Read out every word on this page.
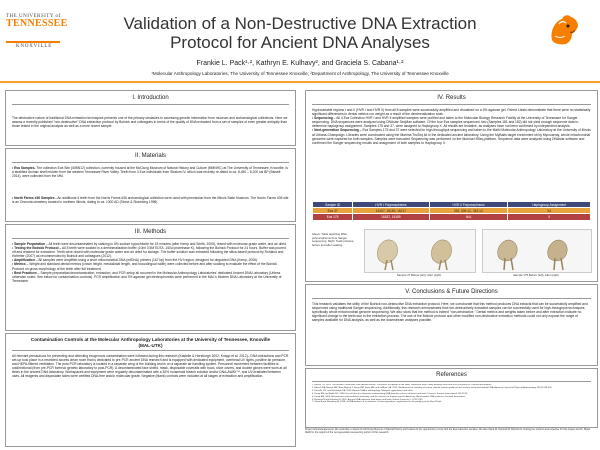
THE UNIVERSITY of
TENNESSEE
KNOXVILLE
Validation of a Non-Destructive DNA Extraction Protocol for Ancient DNA Analyses
Frankie L. Pack¹·², Kathryn E. Kulhavy², and Graciela S. Cabana¹·²
¹Molecular Anthropology Laboratories, The University of Tennessee Knoxville; ²Department of Anthropology, The University of Tennessee Knoxville
I. Introduction
The destructive nature of traditional DNA extraction techniques presents one of the primary obstacles to accessing genetic information from museum and archaeological collections. Here we assess a recently published "non-destructive" DNA extraction protocol by Bolnick and colleagues in terms of the quality of DNA extracted from a set of samples of even greater antiquity than those tested in the original analysis as well as a more recent sample.
II. Materials
• Eva Samples- The collection Eva Site (40BN12) collection, currently housed at the McClung Museum of Natural History and Culture (MMNHC) at The University of Tennessee, Knoxville, is a stratified Archaic shell midden from the western Tennessee River Valley. Teeth from 4 Eva individuals from Stratum IV, which was recently re-dated to ca. 8,450 – 8,200 cal BP (Bissett 2014), were collected from the MM.
• North Farms #36 Samples - An additional 4 teeth from the Norris Farms #36 archaeological collection were used with permission from the Illinois State Museum. The Norris Farms #36 site is an Oneonta cemetery located in northern Illinois, dating to ca. 1300 AD (Stone & Stoneking 1998).
III. Methods
• Sample Preparation – All teeth were decontaminated by soaking in 6% sodium hypochlorite for 15 minutes (after Kemp and Smith, 2005), rinsed with molecular grade water, and air dried.
• Testing the Bolnick Protocol – All 8 teeth were soaked in a demineralization buffer (10ml 0.5M EDTA, 150ul proteinase K), following the Bolnick Protocol for 24 hours. Buffer was poured off and retained for extraction. Teeth were rinsed with molecular grade water and air dried for storage. The buffer solution was extracted following the silica-based protocol by Rohland and Hofreiter (2007) as recommended by Bolnick and colleagues (2012).
• Amplification – All samples were amplified using a short mitochondrial DNA (mtDNA) primers (167 bp) from the HVI region, designed for degraded DNA (Kemp, 2006).
• Metrics – Weight and standard dental metrics (crown height, mesiodistal length, and buccolingual width) were collected before and after soaking to evaluate the effect of the Bolnick Protocol on gross morphology of the teeth after full treatment.
• Best Practices – Sample preparation/decontamination, extraction, and PCR setup all occurred in the Molecular Anthropology Laboratories' dedicated Ancient DNA Laboratory (Unless otherwise noted. See below for contamination controls). PCR amplification and 3% agarose gel electrophoresis were performed in the MAL's Modern DNA Laboratory at the University of Tennessee.
Contamination Controls at the Molecular Anthropology Laboratories at the University of Tennessee, Knoxville (MAL-UTK)
All relevant precautions for preventing and detecting exogenous contamination were followed during this research (Kastelle & Horsburgh 2002; Knapp et al. 2012)– DNA extractions and PCR set-up took place in a restricted access clean room that is dedicated to pre-PCR ancient DNA research and is equipped with dedicated equipment, overhead UV lights, positive air pressure, and HEPA-filtered ventilation. The post-PCR laboratory is located in a separate wing of the building and is on a separate air handling system. Personnel movement between facilities is unidirectional (from pre-PCR forensic genetic laboratory to post-PCR). A decontaminated face shield, mask, disposable coveralls with hood, shoe covers, and double gloves were worn at all times in the ancient DNA laboratory. Workspaces and equipment were regularly decontaminated with a 30% household bleach solution and/or DNA-AWAY™, and UV-irradiated between uses. All reagents and disposable sides were certified DNA-free and/or molecular grade. Negative (blank) controls were included at all stages of extraction and amplification.
IV. Results
Hypervariable regions I and II (HVR I and HVR II) from all 8 samples were successfully amplified and visualized on a 3% agarose gel. Paired t-tests demonstrate that there were no statistically significant differences in dental metrics nor weight as a result of the demineralization soak.
• Sequencing – All 4 Eva Collection HVR I and HVR II amplified samples were purified and taken to the Molecular Biology Research Facility at the University of Tennessee for Sanger sequencing. DNA sequences were analyzed using DNAstar SeqMan software. Of the four Eva samples sequenced, two (Samples 181 and 182) did not yield enough sequence data to determine haplogroup assignment. Samples 175 and 37, were assigned to Haplogroup X. All results are tentative, as analyses have not been confirmed by independent analysis.
• Next-generation Sequencing – Eva Samples 175 and 37 were selected for high-throughput sequencing and taken to the Malhi Molecular Anthropology Laboratory at the University of Illinois at Urbana-Champaign. Libraries were constructed using the Illumina TruSeq kit in the dedicated ancient laboratory. Using the MyBaits target enrichment kit by Mycroarray, whole mitochondrial genomes were captured for both samples. Samples were barcoded Sequencing was performed on the Illumina HiSeq platform. Sequence data were analyzed using DNAstar software and confirmed the Sanger sequencing results and assignment of both samples to Haplogroup X.
Sample ID	HVR I Polymorphisms	HVR II Polymorphisms	Haplogroup Assignment
Eva 37	16187, 16189, 16217	263, 309.1C, 315.1C	X4
Eva 175	16187, 16189	N/A	X
Above: Table depicting DNA polymorphisms from Sanger sequencing. Right: Teeth pictures, before and after soaking.
Sample 37 Before (left), After (right)	Sample 175 Before (left), After (right)
V. Conclusions & Future Directions
This research validates the utility of the Bolnick non-destructive DNA extraction protocol. Here, we corroborate that this method produces DNA extracts that can be successfully amplified and sequenced using traditional Sanger sequencing. Additionally, this research demonstrates that non-destructively extracted samples can be successfully used for high-throughput techniques, specifically whole mitochondrial genome sequencing. We also show that the method is indeed "non-destructive." Dental metrics and weights taken before and after extraction indicate no significant change in the teeth due to the extraction process. The use of the Bolnick protocol and other modified non-destructive extraction methods could not only expand the range of samples available for DNA analysis, as well as the downstream analyses possible.
References
1. Bissett TG. 2014. The Western Tennessee shell mound archaic: Prehistoric occupation in the lower Tennessee River Valley between 9000 and 4000 cal years BP. Doctoral dissertation.
2. Bolnick DA, Bonine HM, Mata-Miguez J, Kemp BM, Snow MH, and LeBlanc SA. 2012. Nondestructive sampling of human skeletal remains yields ancient nuclear and mitochondrial DNA. American Journal of Physical Anthropology 147(2):293-300.
3. Kastelle CR, and Horsburgh KA. 2002. Ancient DNA in anthropology: Methods, applications and ethics.
4. Kemp BM and Smith DG. 2005. Use of bleach to eliminate contaminating DNA from the surfaces of bones and teeth. Forensic Science International 154:53-61.
5. Kemp BM. 2006. Mesoamerica and southwest prehistory, and the entrance of humans into the Americas: Mitochondrial DNA evidence. Doctoral dissertation.
6. Rohland N and Hofreiter M. 2007. Ancient DNA extraction from bones and teeth. Nature Protocols 2: 1756-1762.
7. Stone A and Stoneking M. 1998. mtDNA analysis of a prehistoric Oneota population: implications for the peopling of the New World.
Project Acknowledgements: We would like to thank the McClung Museum of Natural History and Culture for the opportunity to work with the Eva Collection samples. We also thank Dr. Deborah B. Bolnick for sharing her protocol and expertise for this project and Dr. Ripan Malhi for his support of the next-generation sequencing portion of this research.
